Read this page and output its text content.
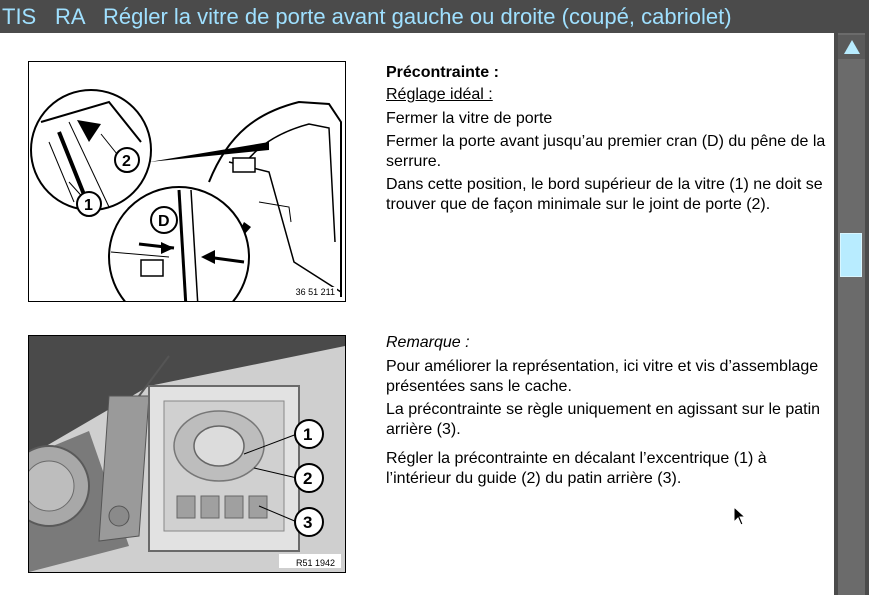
TIS RA Régler la vitre de porte avant gauche ou droite (coupé, cabriolet)
2
1
D
36 51 211
1
2
3
R51 1942

Précontrainte :

Réglage idéal :

Fermer la vitre de porte

Fermer la porte avant jusqu’au premier cran (D) du pêne de la serrure.

Dans cette position, le bord supérieur de la vitre (1) ne doit se trouver que de façon minimale sur le joint de porte (2).

Remarque :

Pour améliorer la représentation, ici vitre et vis d’assemblage présentées sans le cache.

La précontrainte se règle uniquement en agissant sur le patin arrière (3).

Régler la précontrainte en décalant l’excentrique (1) à l’intérieur du guide (2) du patin arrière (3).
